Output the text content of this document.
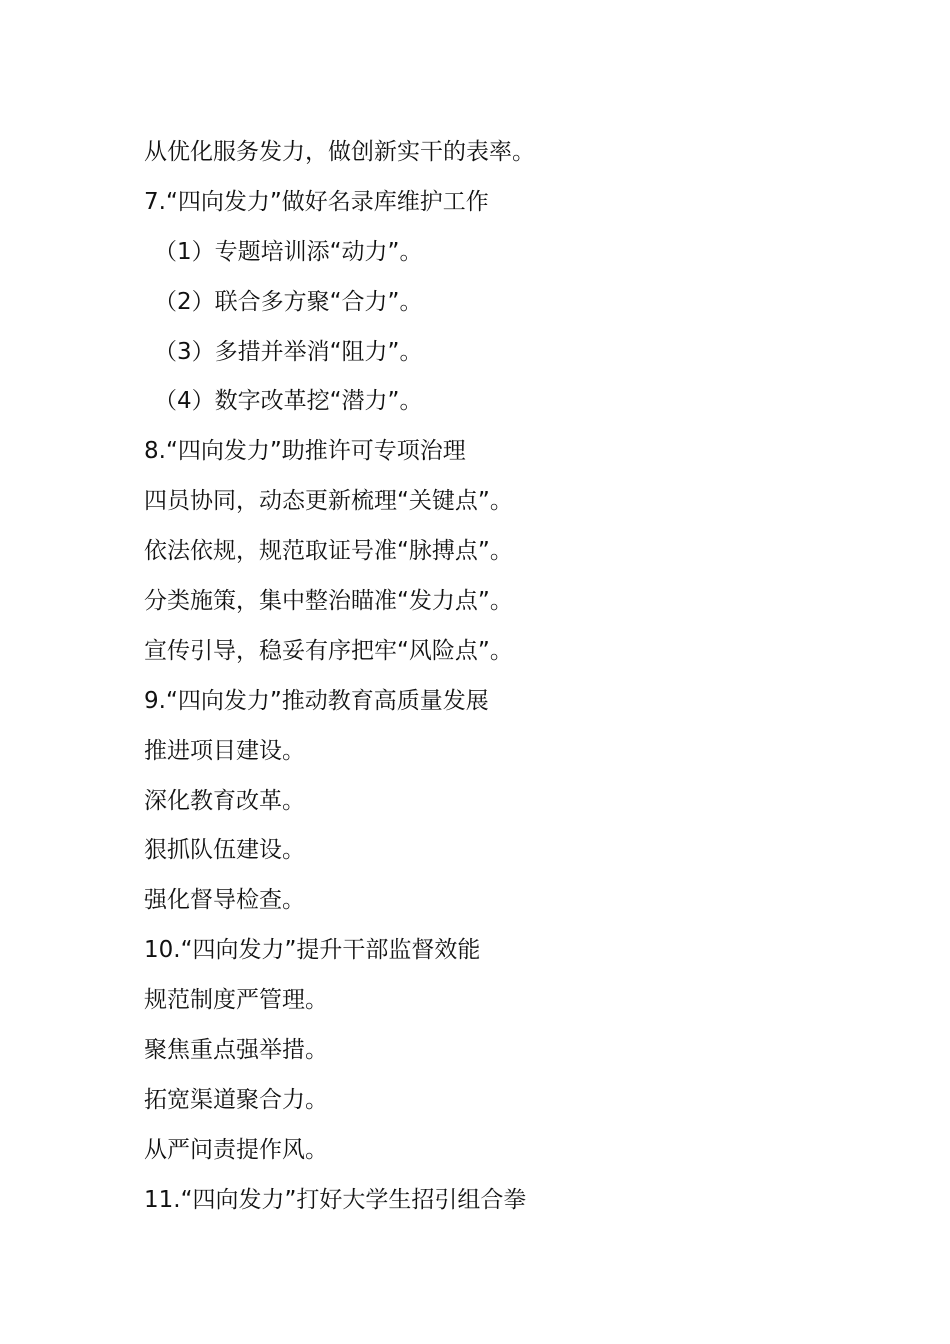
从优化服务发力，做创新实干的表率。
7.“四向发力”做好名录库维护工作
（1）专题培训添“动力”。
（2）联合多方聚“合力”。
（3）多措并举消“阻力”。
（4）数字改革挖“潜力”。
8.“四向发力”助推许可专项治理
四员协同，动态更新梳理“关键点”。
依法依规，规范取证号准“脉搏点”。
分类施策，集中整治瞄准“发力点”。
宣传引导，稳妥有序把牢“风险点”。
9.“四向发力”推动教育高质量发展
推进项目建设。
深化教育改革。
狠抓队伍建设。
强化督导检查。
10.“四向发力”提升干部监督效能
规范制度严管理。
聚焦重点强举措。
拓宽渠道聚合力。
从严问责提作风。
11.“四向发力”打好大学生招引组合拳
